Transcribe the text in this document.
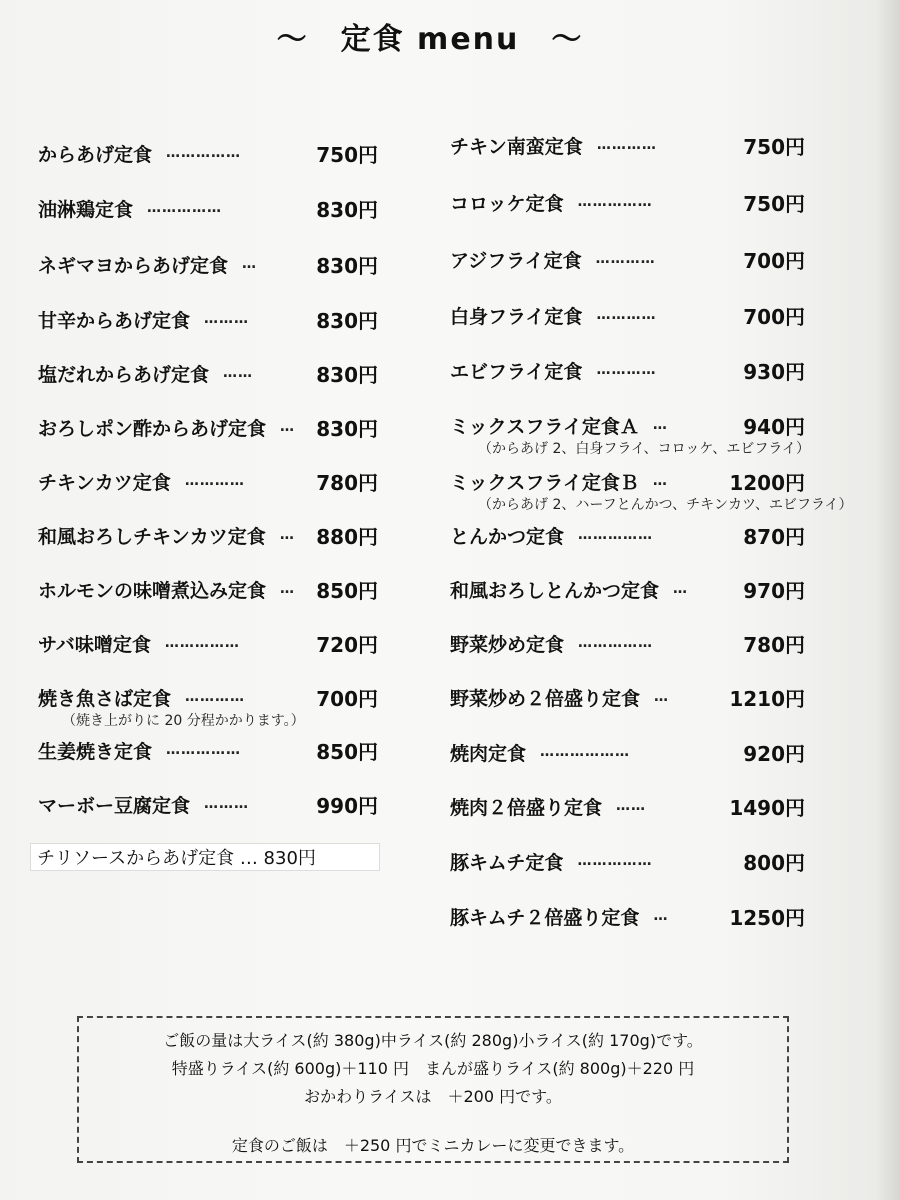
～　定食 menu　～
からあげ定食 ……………	750円
油淋鶏定食 ……………	830円
ネギマヨからあげ定食 …	830円
甘辛からあげ定食 ………	830円
塩だれからあげ定食 ……	830円
おろしポン酢からあげ定食 …	830円
チキンカツ定食 …………	780円
和風おろしチキンカツ定食 …	880円
ホルモンの味噌煮込み定食 …	850円
サバ味噌定食 ……………	720円
焼き魚さば定食 …………	700円
（焼き上がりに 20 分程かかります。）
生姜焼き定食 ……………	850円
マーボー豆腐定食 ………	990円
チキン南蛮定食 …………	750円
コロッケ定食 ……………	750円
アジフライ定食 …………	700円
白身フライ定食 …………	700円
エビフライ定食 …………	930円
ミックスフライ定食Ａ …	940円
（からあげ 2、白身フライ、コロッケ、エビフライ）
ミックスフライ定食Ｂ …	1200円
（からあげ 2、ハーフとんかつ、チキンカツ、エビフライ）
とんかつ定食 ……………	870円
和風おろしとんかつ定食 …	970円
野菜炒め定食 ……………	780円
野菜炒め２倍盛り定食 …	1210円
焼肉定食 ………………	920円
焼肉２倍盛り定食 ……	1490円
豚キムチ定食 ……………	800円
豚キムチ２倍盛り定食 …	1250円
チリソースからあげ定食 … 830円
ご飯の量は大ライス(約 380g)中ライス(約 280g)小ライス(約 170g)です。
特盛りライス(約 600g)＋110 円　まんが盛りライス(約 800g)＋220 円
おかわりライスは　＋200 円です。
定食のご飯は　＋250 円でミニカレーに変更できます。
